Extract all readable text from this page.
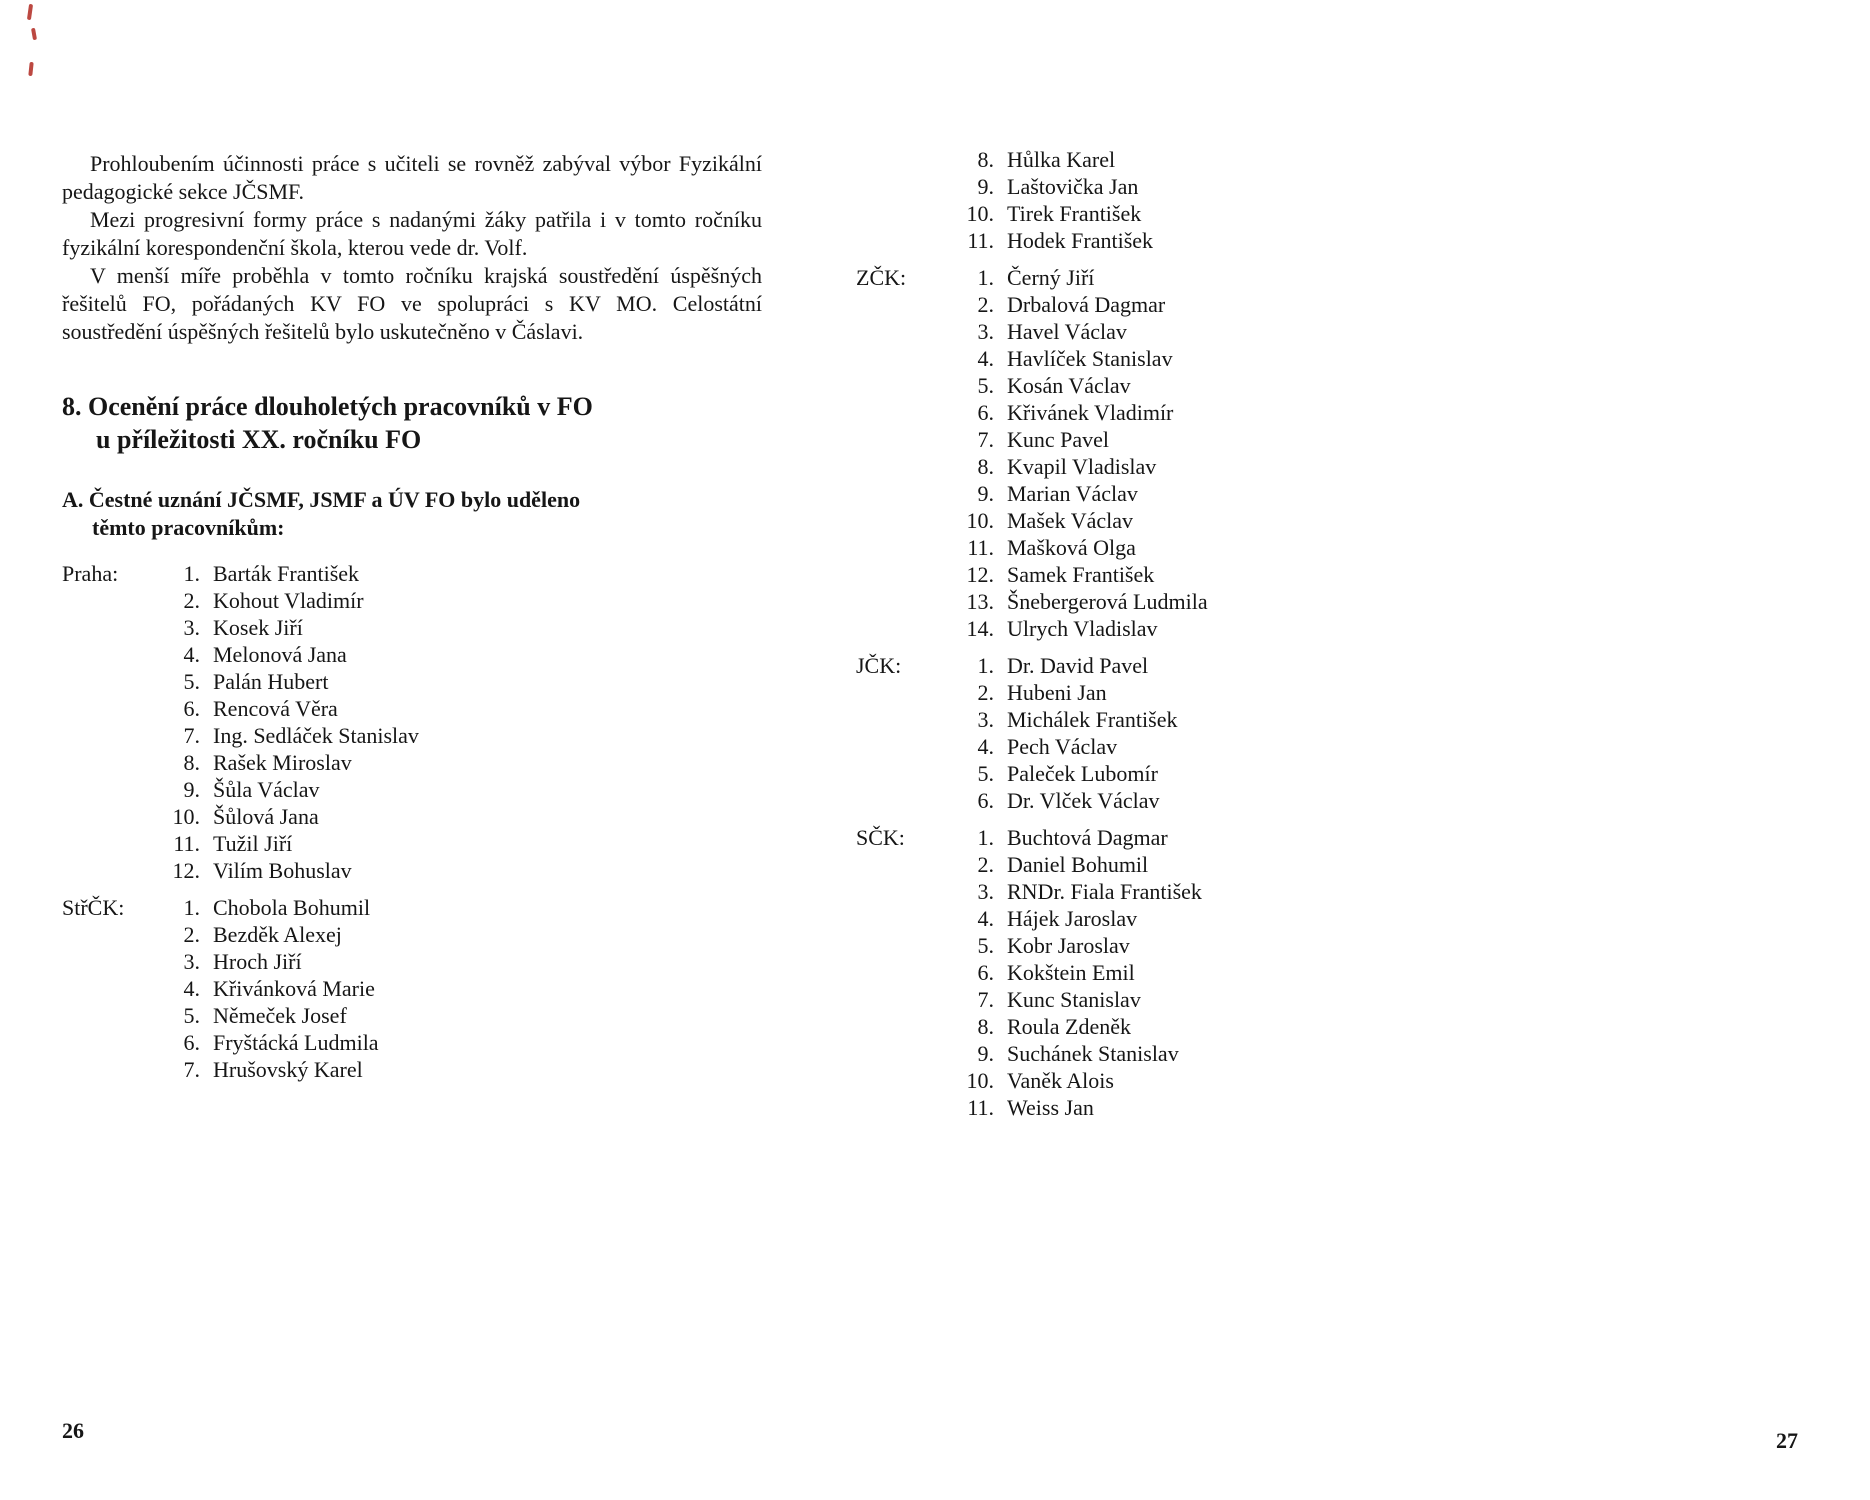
Prohloubením účinnosti práce s učiteli se rovněž zabýval výbor Fyzikální pedagogické sekce JČSMF.

Mezi progresivní formy práce s nadanými žáky patřila i v tomto ročníku fyzikální korespondenční škola, kterou vede dr. Volf.

V menší míře proběhla v tomto ročníku krajská soustředění úspěšných řešitelů FO, pořádaných KV FO ve spolupráci s KV MO. Celostátní soustředění úspěšných řešitelů bylo uskutečněno v Čáslavi.

8. Ocenění práce dlouholetých pracovníků v FO
u příležitosti XX. ročníku FO
A. Čestné uznání JČSMF, JSMF a ÚV FO bylo uděleno
těmto pracovníkům:
Praha:	1. Barták František
2. Kohout Vladimír
3. Kosek Jiří
4. Melonová Jana
5. Palán Hubert
6. Rencová Věra
7. Ing. Sedláček Stanislav
8. Rašek Miroslav
9. Šůla Václav
10. Šůlová Jana
11. Tužil Jiří
12. Vilím Bohuslav
StřČK:	1. Chobola Bohumil
2. Bezděk Alexej
3. Hroch Jiří
4. Křivánková Marie
5. Němeček Josef
6. Fryštácká Ludmila
7. Hrušovský Karel
8. Hůlka Karel
9. Laštovička Jan
10. Tirek František
11. Hodek František
ZČK:	1. Černý Jiří
2. Drbalová Dagmar
3. Havel Václav
4. Havlíček Stanislav
5. Kosán Václav
6. Křivánek Vladimír
7. Kunc Pavel
8. Kvapil Vladislav
9. Marian Václav
10. Mašek Václav
11. Mašková Olga
12. Samek František
13. Šnebergerová Ludmila
14. Ulrych Vladislav
JČK:	1. Dr. David Pavel
2. Hubeni Jan
3. Michálek František
4. Pech Václav
5. Paleček Lubomír
6. Dr. Vlček Václav
SČK:	1. Buchtová Dagmar
2. Daniel Bohumil
3. RNDr. Fiala František
4. Hájek Jaroslav
5. Kobr Jaroslav
6. Kokštein Emil
7. Kunc Stanislav
8. Roula Zdeněk
9. Suchánek Stanislav
10. Vaněk Alois
11. Weiss Jan
26	27
